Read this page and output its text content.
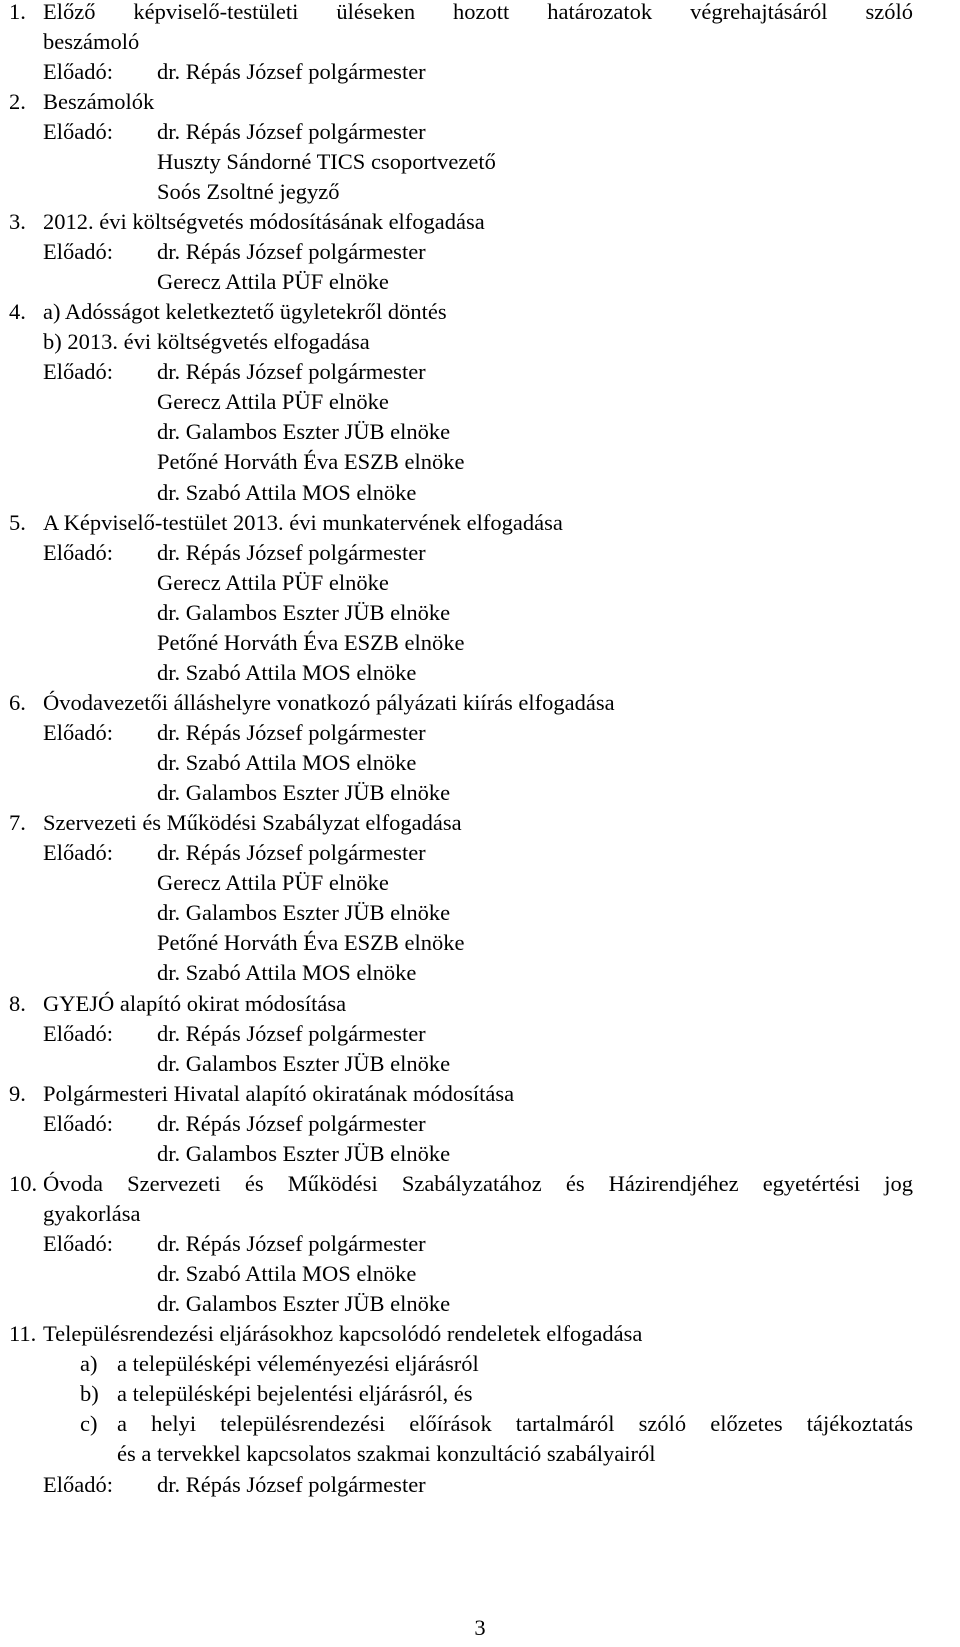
1. Előző képviselő-testületi üléseken hozott határozatok végrehajtásáról szóló
beszámoló
Előadó: dr. Répás József polgármester
2. Beszámolók
Előadó: dr. Répás József polgármester
Huszty Sándorné TICS csoportvezető
Soós Zsoltné jegyző
3. 2012. évi költségvetés módosításának elfogadása
Előadó: dr. Répás József polgármester
Gerecz Attila PÜF elnöke
4. a) Adósságot keletkeztető ügyletekről döntés
b) 2013. évi költségvetés elfogadása
Előadó: dr. Répás József polgármester
Gerecz Attila PÜF elnöke
dr. Galambos Eszter JÜB elnöke
Petőné Horváth Éva ESZB elnöke
dr. Szabó Attila MOS elnöke
5. A Képviselő-testület 2013. évi munkatervének elfogadása
Előadó: dr. Répás József polgármester
Gerecz Attila PÜF elnöke
dr. Galambos Eszter JÜB elnöke
Petőné Horváth Éva ESZB elnöke
dr. Szabó Attila MOS elnöke
6. Óvodavezetői álláshelyre vonatkozó pályázati kiírás elfogadása
Előadó: dr. Répás József polgármester
dr. Szabó Attila MOS elnöke
dr. Galambos Eszter JÜB elnöke
7. Szervezeti és Működési Szabályzat elfogadása
Előadó: dr. Répás József polgármester
Gerecz Attila PÜF elnöke
dr. Galambos Eszter JÜB elnöke
Petőné Horváth Éva ESZB elnöke
dr. Szabó Attila MOS elnöke
8. GYEJÓ alapító okirat módosítása
Előadó: dr. Répás József polgármester
dr. Galambos Eszter JÜB elnöke
9. Polgármesteri Hivatal alapító okiratának módosítása
Előadó: dr. Répás József polgármester
dr. Galambos Eszter JÜB elnöke
10. Óvoda Szervezeti és Működési Szabályzatához és Házirendjéhez egyetértési jog
gyakorlása
Előadó: dr. Répás József polgármester
dr. Szabó Attila MOS elnöke
dr. Galambos Eszter JÜB elnöke
11. Településrendezési eljárásokhoz kapcsolódó rendeletek elfogadása
a) a településképi véleményezési eljárásról
b) a településképi bejelentési eljárásról, és
c) a helyi településrendezési előírások tartalmáról szóló előzetes tájékoztatás
és a tervekkel kapcsolatos szakmai konzultáció szabályairól
Előadó: dr. Répás József polgármester
3
